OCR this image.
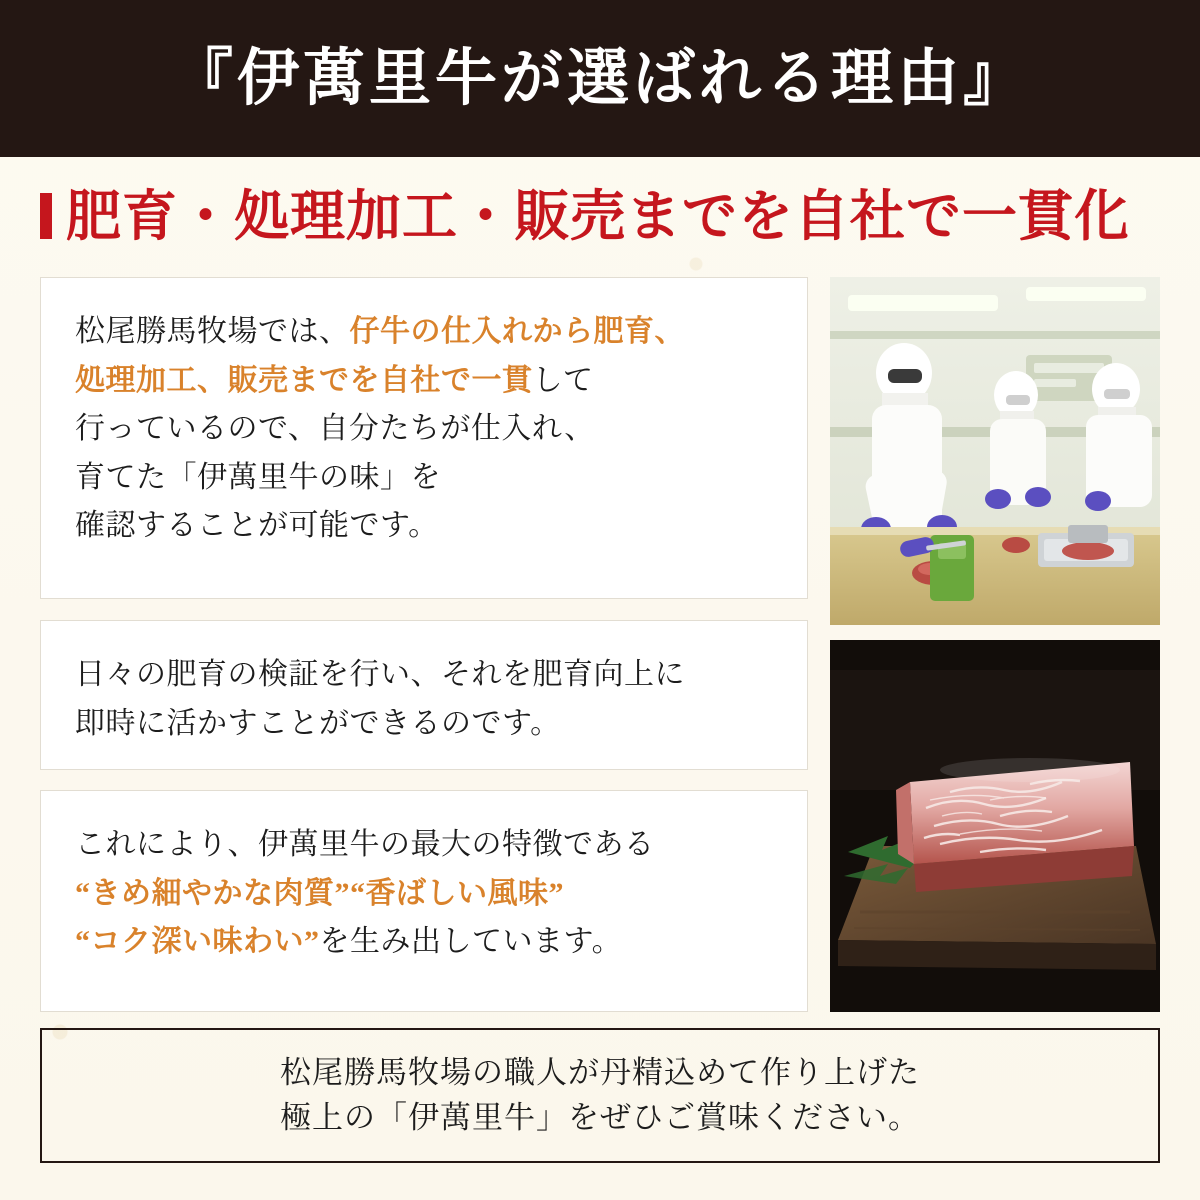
『伊萬里牛が選ばれる理由』
肥育・処理加工・販売までを自社で一貫化
松尾勝馬牧場では、仔牛の仕入れから肥育、
処理加工、販売までを自社で一貫して
行っているので、自分たちが仕入れ、
育てた「伊萬里牛の味」を
確認することが可能です。
日々の肥育の検証を行い、それを肥育向上に
即時に活かすことができるのです。
これにより、伊萬里牛の最大の特徴である
“きめ細やかな肉質”“香ばしい風味”
“コク深い味わい”を生み出しています。
松尾勝馬牧場の職人が丹精込めて作り上げた
極上の「伊萬里牛」をぜひご賞味ください。
